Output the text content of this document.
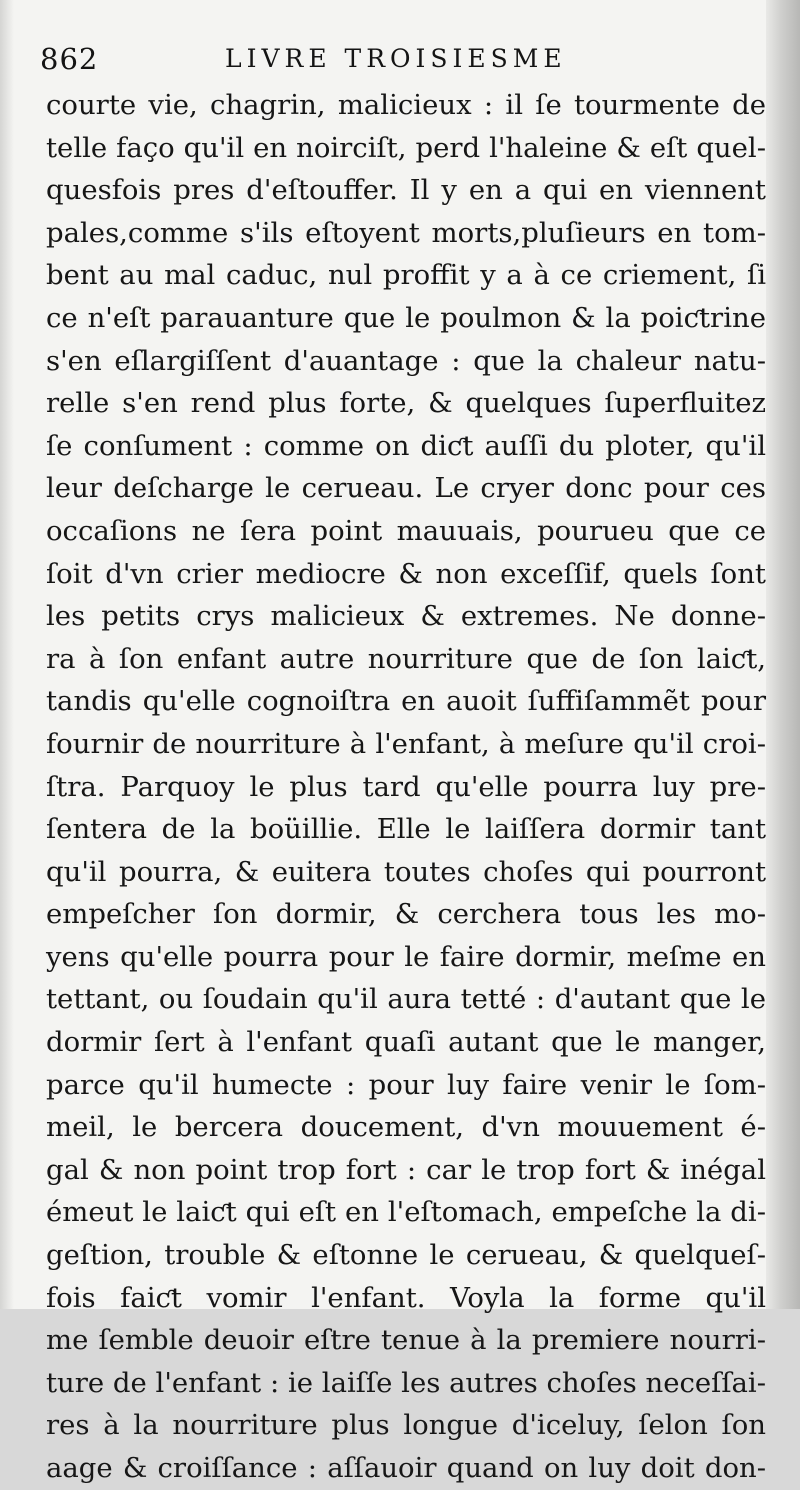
862	LIVRE TROISIESME
courte vie, chagrin, malicieux : il ſe tourmente de
telle faço qu'il en noirciſt, perd l'haleine & eſt quel-
quesfois pres d'eſtouffer. Il y en a qui en viennent
pales,comme s'ils eſtoyent morts,pluſieurs en tom-
bent au mal caduc, nul proffit y a à ce criement, ſi
ce n'eſt parauanture que le poulmon & la poiƈtrine
s'en eſlargiſſent d'auantage : que la chaleur natu-
relle s'en rend plus forte, & quelques ſuperfluitez
ſe conſument : comme on diƈt auſſi du ploter, qu'il
leur deſcharge le cerueau. Le cryer donc pour ces
occaſions ne ſera point mauuais, pourueu que ce
ſoit d'vn crier mediocre & non exceſſif, quels ſont
les petits crys malicieux & extremes. Ne donne-
ra à ſon enfant autre nourriture que de ſon laiƈt,
tandis qu'elle cognoiſtra en auoit ſuffiſammẽt pour
fournir de nourriture à l'enfant, à meſure qu'il croi-
ſtra. Parquoy le plus tard qu'elle pourra luy pre-
ſentera de la boüillie. Elle le laiſſera dormir tant
qu'il pourra, & euitera toutes choſes qui pourront
empeſcher ſon dormir, & cerchera tous les mo-
yens qu'elle pourra pour le faire dormir, meſme en
tettant, ou ſoudain qu'il aura tetté : d'autant que le
dormir ſert à l'enfant quaſi autant que le manger,
parce qu'il humecte : pour luy faire venir le ſom-
meil, le bercera doucement, d'vn mouuement é-
gal & non point trop fort : car le trop fort & inégal
émeut le laiƈt qui eſt en l'eſtomach, empeſche la di-
geſtion, trouble & eſtonne le cerueau, & quelqueſ-
fois faiƈt vomir l'enfant. Voyla la forme qu'il
me ſemble deuoir eſtre tenue à la premiere nourri-
ture de l'enfant : ie laiſſe les autres choſes neceſſai-
res à la nourriture plus longue d'iceluy, ſelon ſon
aage & croiſſance : aſſauoir quand on luy doit don-
